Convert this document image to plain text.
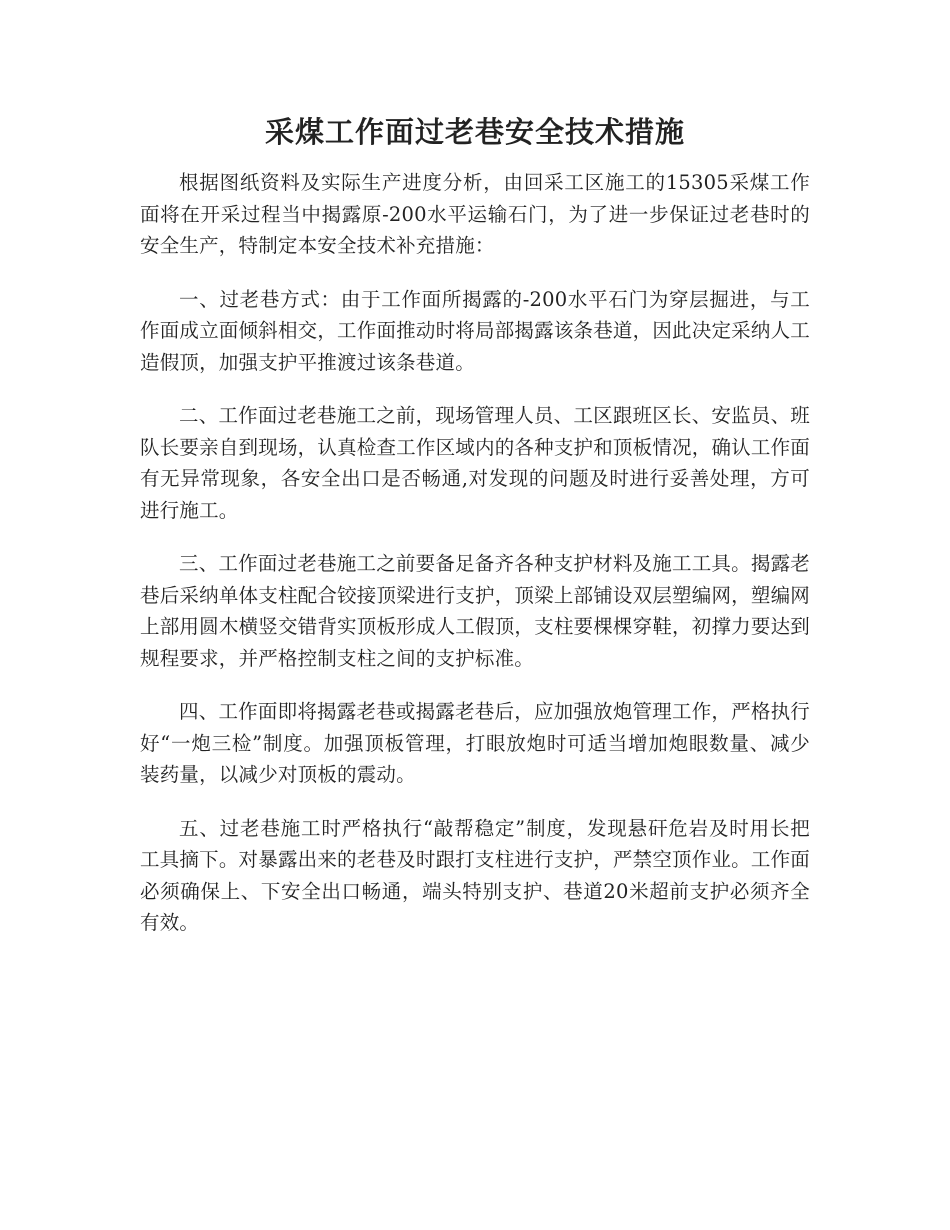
采煤工作面过老巷安全技术措施

根据图纸资料及实际生产进度分析，由回采工区施工的15305采煤工作面将在开采过程当中揭露原-200水平运输石门，为了进一步保证过老巷时的安全生产，特制定本安全技术补充措施：

一、过老巷方式：由于工作面所揭露的-200水平石门为穿层掘进，与工作面成立面倾斜相交，工作面推动时将局部揭露该条巷道，因此决定采纳人工造假顶，加强支护平推渡过该条巷道。

二、工作面过老巷施工之前，现场管理人员、工区跟班区长、安监员、班队长要亲自到现场，认真检查工作区域内的各种支护和顶板情况，确认工作面有无异常现象，各安全出口是否畅通,对发现的问题及时进行妥善处理，方可进行施工。

三、工作面过老巷施工之前要备足备齐各种支护材料及施工工具。揭露老巷后采纳单体支柱配合铰接顶梁进行支护，顶梁上部铺设双层塑编网，塑编网上部用圆木横竖交错背实顶板形成人工假顶，支柱要棵棵穿鞋，初撑力要达到规程要求，并严格控制支柱之间的支护标准。

四、工作面即将揭露老巷或揭露老巷后，应加强放炮管理工作，严格执行好“一炮三检”制度。加强顶板管理，打眼放炮时可适当增加炮眼数量、减少装药量，以减少对顶板的震动。

五、过老巷施工时严格执行“敲帮稳定”制度，发现悬矸危岩及时用长把工具摘下。对暴露出来的老巷及时跟打支柱进行支护，严禁空顶作业。工作面必须确保上、下安全出口畅通，端头特别支护、巷道20米超前支护必须齐全有效。
